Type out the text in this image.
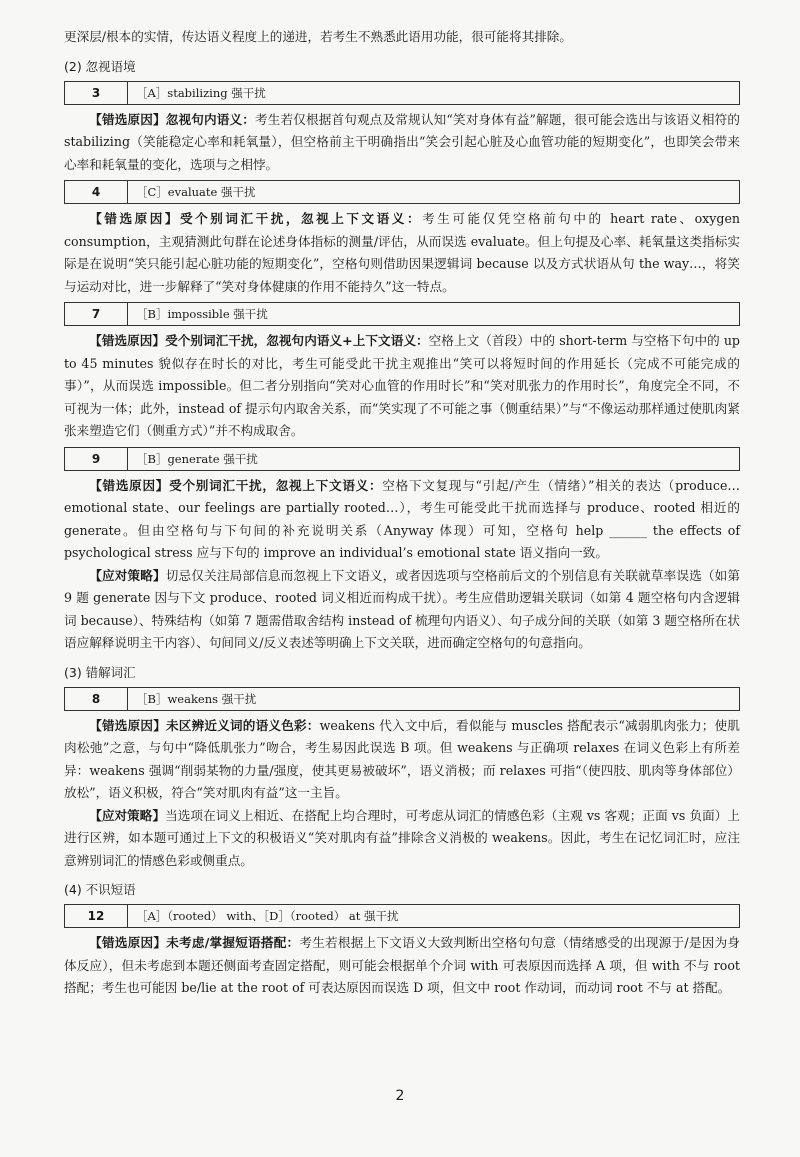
更深层/根本的实情，传达语义程度上的递进，若考生不熟悉此语用功能，很可能将其排除。

(2) 忽视语境
3	［A］stabilizing 强干扰

【错选原因】忽视句内语义：考生若仅根据首句观点及常规认知“笑对身体有益”解题，很可能会选出与该语义相符的 stabilizing（笑能稳定心率和耗氧量），但空格前主干明确指出“笑会引起心脏及心血管功能的短期变化”，也即笑会带来心率和耗氧量的变化，选项与之相悖。

4	［C］evaluate 强干扰

【错选原因】受个别词汇干扰，忽视上下文语义：考生可能仅凭空格前句中的 heart rate、oxygen consumption，主观猜测此句群在论述身体指标的测量/评估，从而误选 evaluate。但上句提及心率、耗氧量这类指标实际是在说明“笑只能引起心脏功能的短期变化”，空格句则借助因果逻辑词 because 以及方式状语从句 the way…，将笑与运动对比，进一步解释了“笑对身体健康的作用不能持久”这一特点。

7	［B］impossible 强干扰

【错选原因】受个别词汇干扰，忽视句内语义+上下文语义：空格上文（首段）中的 short-term 与空格下句中的 up to 45 minutes 貌似存在时长的对比，考生可能受此干扰主观推出“笑可以将短时间的作用延长（完成不可能完成的事）”，从而误选 impossible。但二者分别指向“笑对心血管的作用时长”和“笑对肌张力的作用时长”，角度完全不同，不可视为一体；此外，instead of 提示句内取舍关系，而“笑实现了不可能之事（侧重结果）”与“不像运动那样通过使肌肉紧张来塑造它们（侧重方式）”并不构成取舍。

9	［B］generate 强干扰

【错选原因】受个别词汇干扰，忽视上下文语义：空格下文复现与“引起/产生（情绪）”相关的表达（produce…emotional state、our feelings are partially rooted…），考生可能受此干扰而选择与 produce、rooted 相近的 generate。但由空格句与下句间的补充说明关系（Anyway 体现）可知，空格句 help ______ the effects of psychological stress 应与下句的 improve an individual’s emotional state 语义指向一致。

【应对策略】切忌仅关注局部信息而忽视上下文语义，或者因选项与空格前后文的个别信息有关联就草率误选（如第 9 题 generate 因与下文 produce、rooted 词义相近而构成干扰）。考生应借助逻辑关联词（如第 4 题空格句内含逻辑词 because）、特殊结构（如第 7 题需借取舍结构 instead of 梳理句内语义）、句子成分间的关联（如第 3 题空格所在状语应解释说明主干内容）、句间同义/反义表述等明确上下文关联，进而确定空格句的句意指向。

(3) 错解词汇
8	［B］weakens 强干扰

【错选原因】未区辨近义词的语义色彩：weakens 代入文中后，看似能与 muscles 搭配表示“减弱肌肉张力；使肌肉松弛”之意，与句中“降低肌张力”吻合，考生易因此误选 B 项。但 weakens 与正确项 relaxes 在词义色彩上有所差异：weakens 强调“削弱某物的力量/强度，使其更易被破坏”，语义消极；而 relaxes 可指“（使四肢、肌肉等身体部位）放松”，语义积极，符合“笑对肌肉有益”这一主旨。

【应对策略】当选项在词义上相近、在搭配上均合理时，可考虑从词汇的情感色彩（主观 vs 客观；正面 vs 负面）上进行区辨，如本题可通过上下文的积极语义“笑对肌肉有益”排除含义消极的 weakens。因此，考生在记忆词汇时，应注意辨别词汇的情感色彩或侧重点。

(4) 不识短语
12	［A］（rooted） with、［D］（rooted） at 强干扰

【错选原因】未考虑/掌握短语搭配：考生若根据上下文语义大致判断出空格句句意（情绪感受的出现源于/是因为身体反应），但未考虑到本题还侧面考查固定搭配，则可能会根据单个介词 with 可表原因而选择 A 项，但 with 不与 root 搭配；考生也可能因 be/lie at the root of 可表达原因而误选 D 项，但文中 root 作动词，而动词 root 不与 at 搭配。

2
